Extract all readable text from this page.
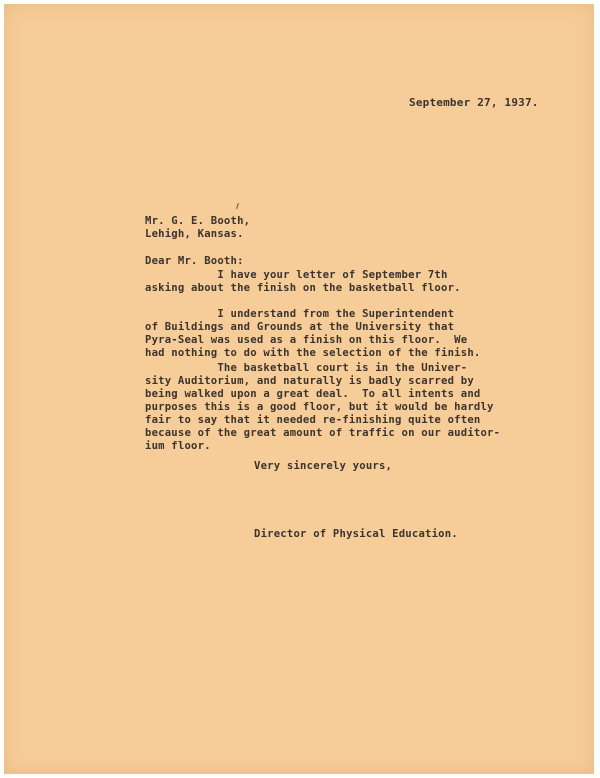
September 27, 1937.
Mr. G. E. Booth,
Lehigh, Kansas.
Dear Mr. Booth:
I have your letter of September 7th
asking about the finish on the basketball floor.
I understand from the Superintendent
of Buildings and Grounds at the University that
Pyra-Seal was used as a finish on this floor.  We
had nothing to do with the selection of the finish.
The basketball court is in the Univer-
sity Auditorium, and naturally is badly scarred by
being walked upon a great deal.  To all intents and
purposes this is a good floor, but it would be hardly
fair to say that it needed re-finishing quite often
because of the great amount of traffic on our auditor-
ium floor.
Very sincerely yours,
Director of Physical Education.
